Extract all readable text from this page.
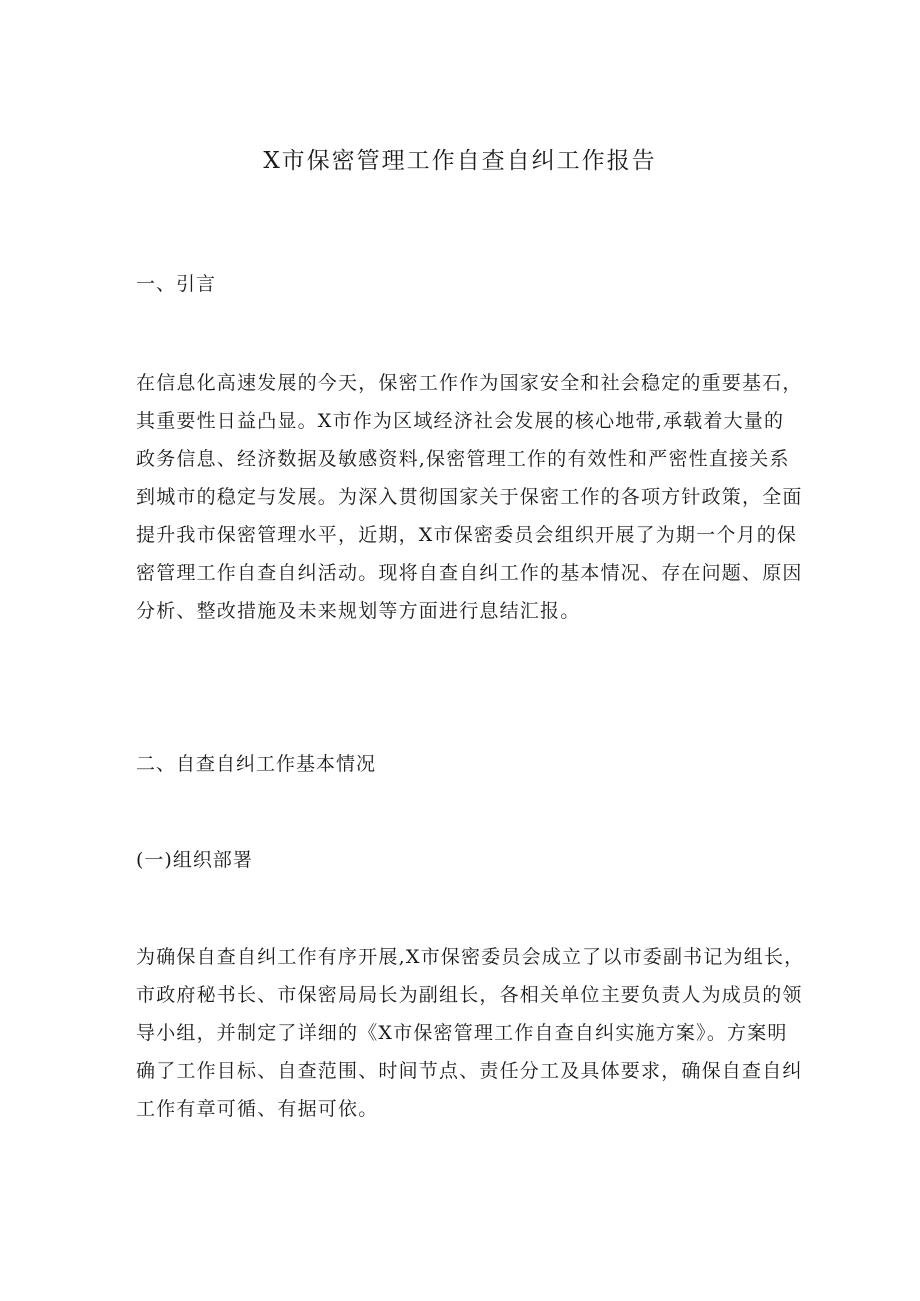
X市保密管理工作自查自纠工作报告
一、引言
在信息化高速发展的今天，保密工作作为国家安全和社会稳定的重要基石，
其重要性日益凸显。X市作为区域经济社会发展的核心地带,承载着大量的
政务信息、经济数据及敏感资料,保密管理工作的有效性和严密性直接关系
到城市的稳定与发展。为深入贯彻国家关于保密工作的各项方针政策，全面
提升我市保密管理水平，近期，X市保密委员会组织开展了为期一个月的保
密管理工作自查自纠活动。现将自查自纠工作的基本情况、存在问题、原因
分析、整改措施及未来规划等方面进行息结汇报。
二、自查自纠工作基本情况
(一)组织部署
为确保自查自纠工作有序开展,X市保密委员会成立了以市委副书记为组长，
市政府秘书长、市保密局局长为副组长，各相关单位主要负责人为成员的领
导小组，并制定了详细的《X市保密管理工作自查自纠实施方案》。方案明
确了工作目标、自查范围、时间节点、责任分工及具体要求，确保自查自纠
工作有章可循、有据可依。
